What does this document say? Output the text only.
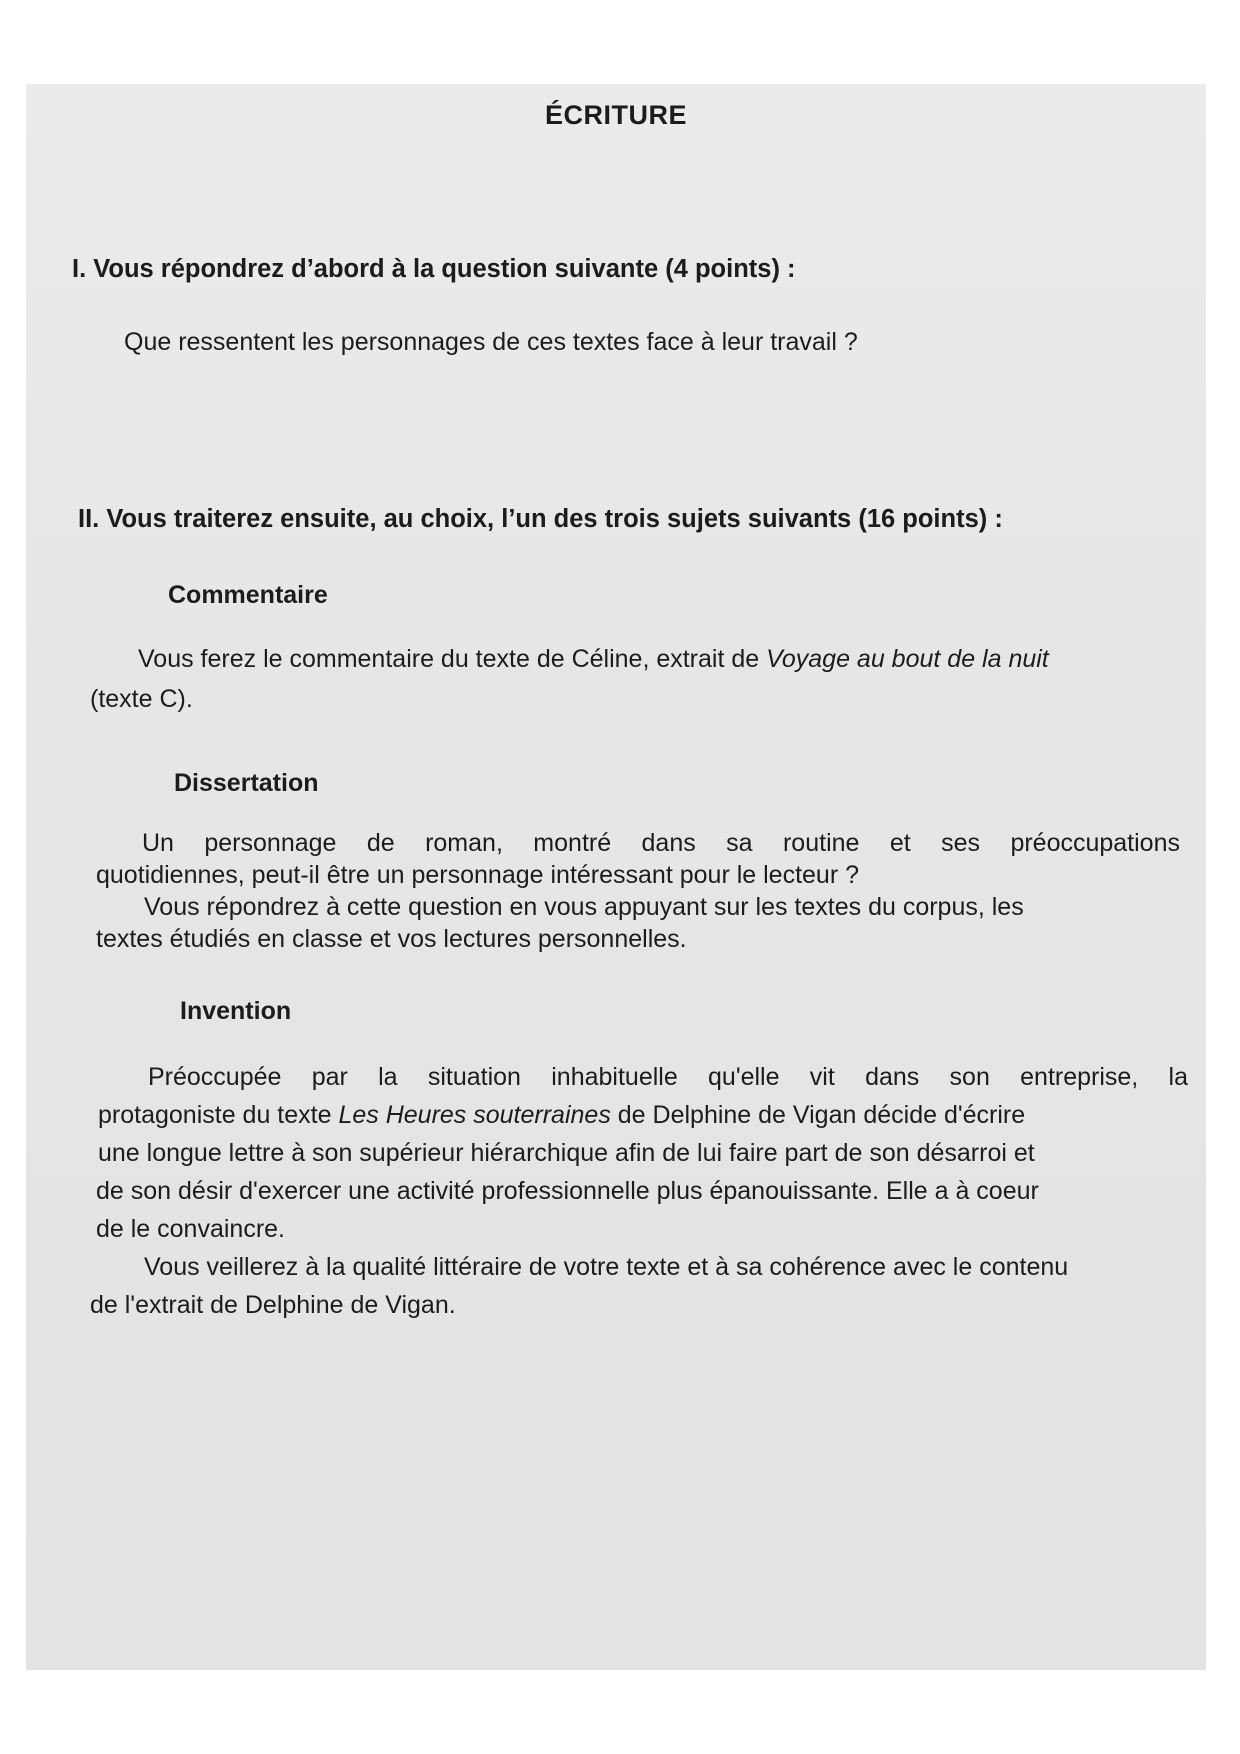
ÉCRITURE
I. Vous répondrez d’abord à la question suivante (4 points) :
Que ressentent les personnages de ces textes face à leur travail ?
II. Vous traiterez ensuite, au choix, l’un des trois sujets suivants (16 points) :
Commentaire
Vous ferez le commentaire du texte de Céline, extrait de Voyage au bout de la nuit
(texte C).
Dissertation
Un personnage de roman, montré dans sa routine et ses préoccupations
quotidiennes, peut-il être un personnage intéressant pour le lecteur ?
Vous répondrez à cette question en vous appuyant sur les textes du corpus, les
textes étudiés en classe et vos lectures personnelles.
Invention
Préoccupée par la situation inhabituelle qu'elle vit dans son entreprise, la
protagoniste du texte Les Heures souterraines de Delphine de Vigan décide d'écrire
une longue lettre à son supérieur hiérarchique afin de lui faire part de son désarroi et
de son désir d'exercer une activité professionnelle plus épanouissante. Elle a à coeur
de le convaincre.
Vous veillerez à la qualité littéraire de votre texte et à sa cohérence avec le contenu
de l'extrait de Delphine de Vigan.
